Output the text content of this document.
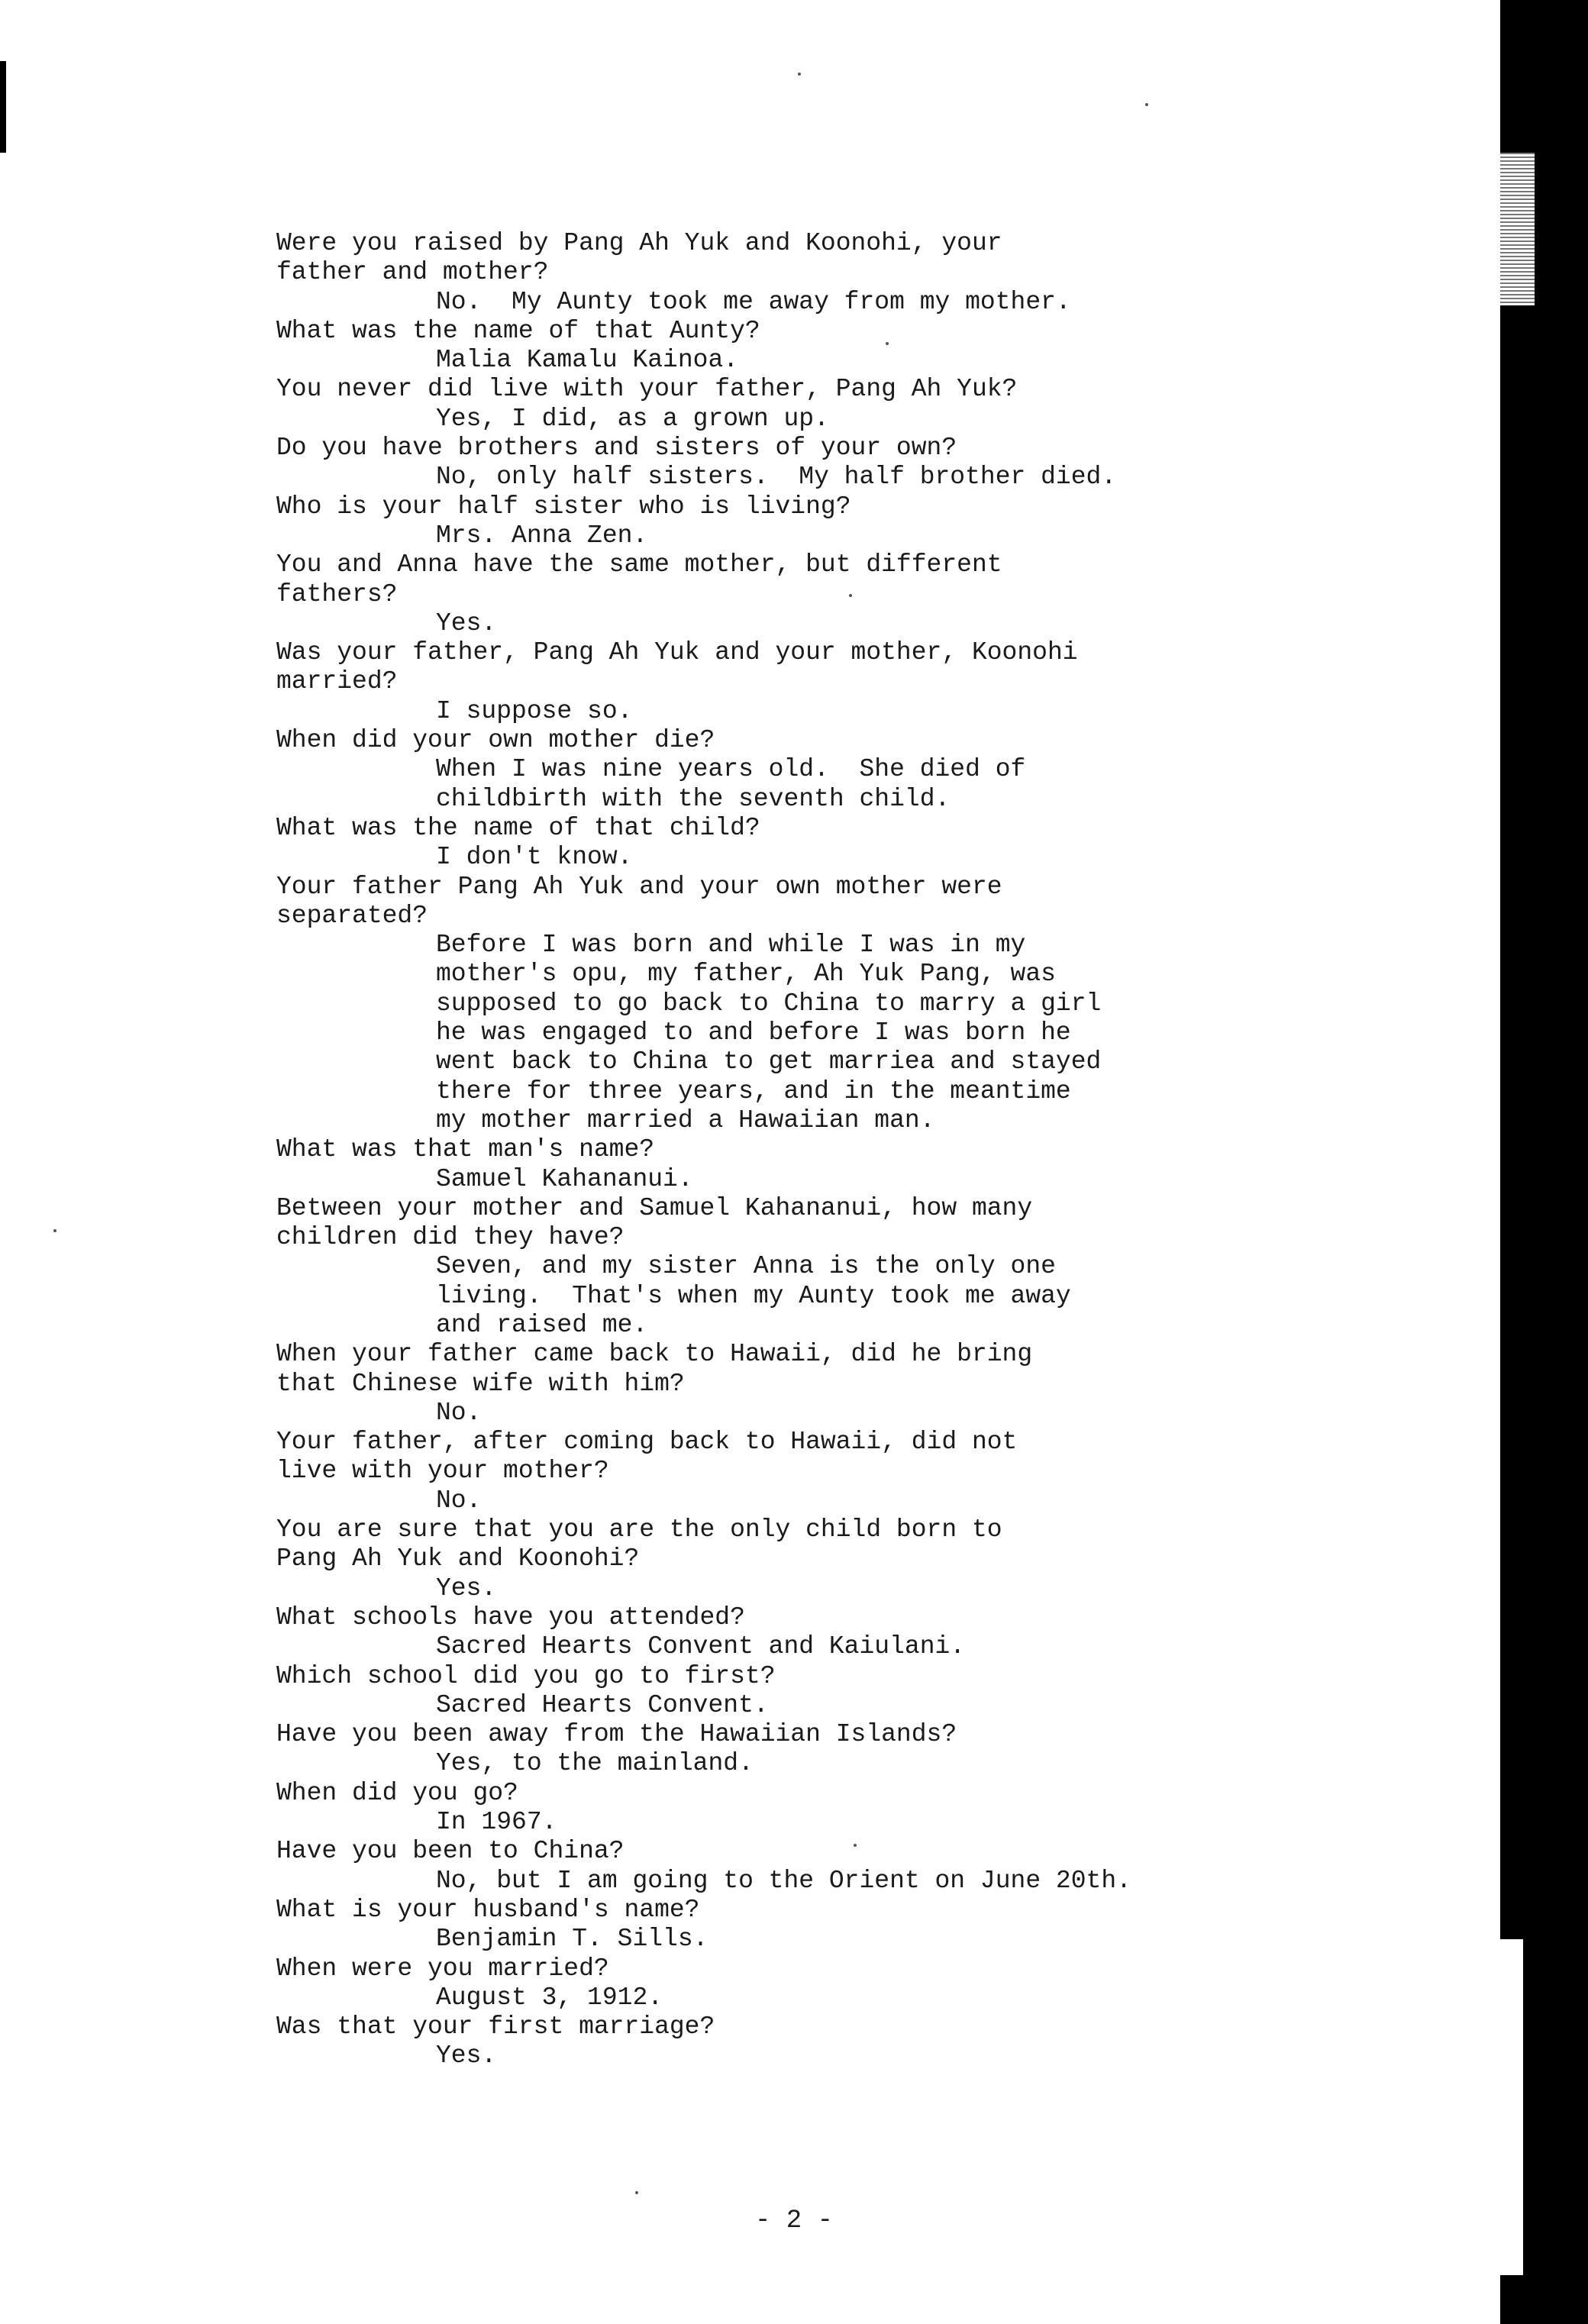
Were you raised by Pang Ah Yuk and Koonohi, your

father and mother?

No.  My Aunty took me away from my mother.

What was the name of that Aunty?

Malia Kamalu Kainoa.

You never did live with your father, Pang Ah Yuk?

Yes, I did, as a grown up.

Do you have brothers and sisters of your own?

No, only half sisters.  My half brother died.

Who is your half sister who is living?

Mrs. Anna Zen.

You and Anna have the same mother, but different

fathers?

Yes.

Was your father, Pang Ah Yuk and your mother, Koonohi

married?

I suppose so.

When did your own mother die?

When I was nine years old.  She died of

childbirth with the seventh child.

What was the name of that child?

I don't know.

Your father Pang Ah Yuk and your own mother were

separated?

Before I was born and while I was in my

mother's opu, my father, Ah Yuk Pang, was

supposed to go back to China to marry a girl

he was engaged to and before I was born he

went back to China to get marriea and stayed

there for three years, and in the meantime

my mother married a Hawaiian man.

What was that man's name?

Samuel Kahananui.

Between your mother and Samuel Kahananui, how many

children did they have?

Seven, and my sister Anna is the only one

living.  That's when my Aunty took me away

and raised me.

When your father came back to Hawaii, did he bring

that Chinese wife with him?

No.

Your father, after coming back to Hawaii, did not

live with your mother?

No.

You are sure that you are the only child born to

Pang Ah Yuk and Koonohi?

Yes.

What schools have you attended?

Sacred Hearts Convent and Kaiulani.

Which school did you go to first?

Sacred Hearts Convent.

Have you been away from the Hawaiian Islands?

Yes, to the mainland.

When did you go?

In 1967.

Have you been to China?

No, but I am going to the Orient on June 20th.

What is your husband's name?

Benjamin T. Sills.

When were you married?

August 3, 1912.

Was that your first marriage?

Yes.

- 2 -
